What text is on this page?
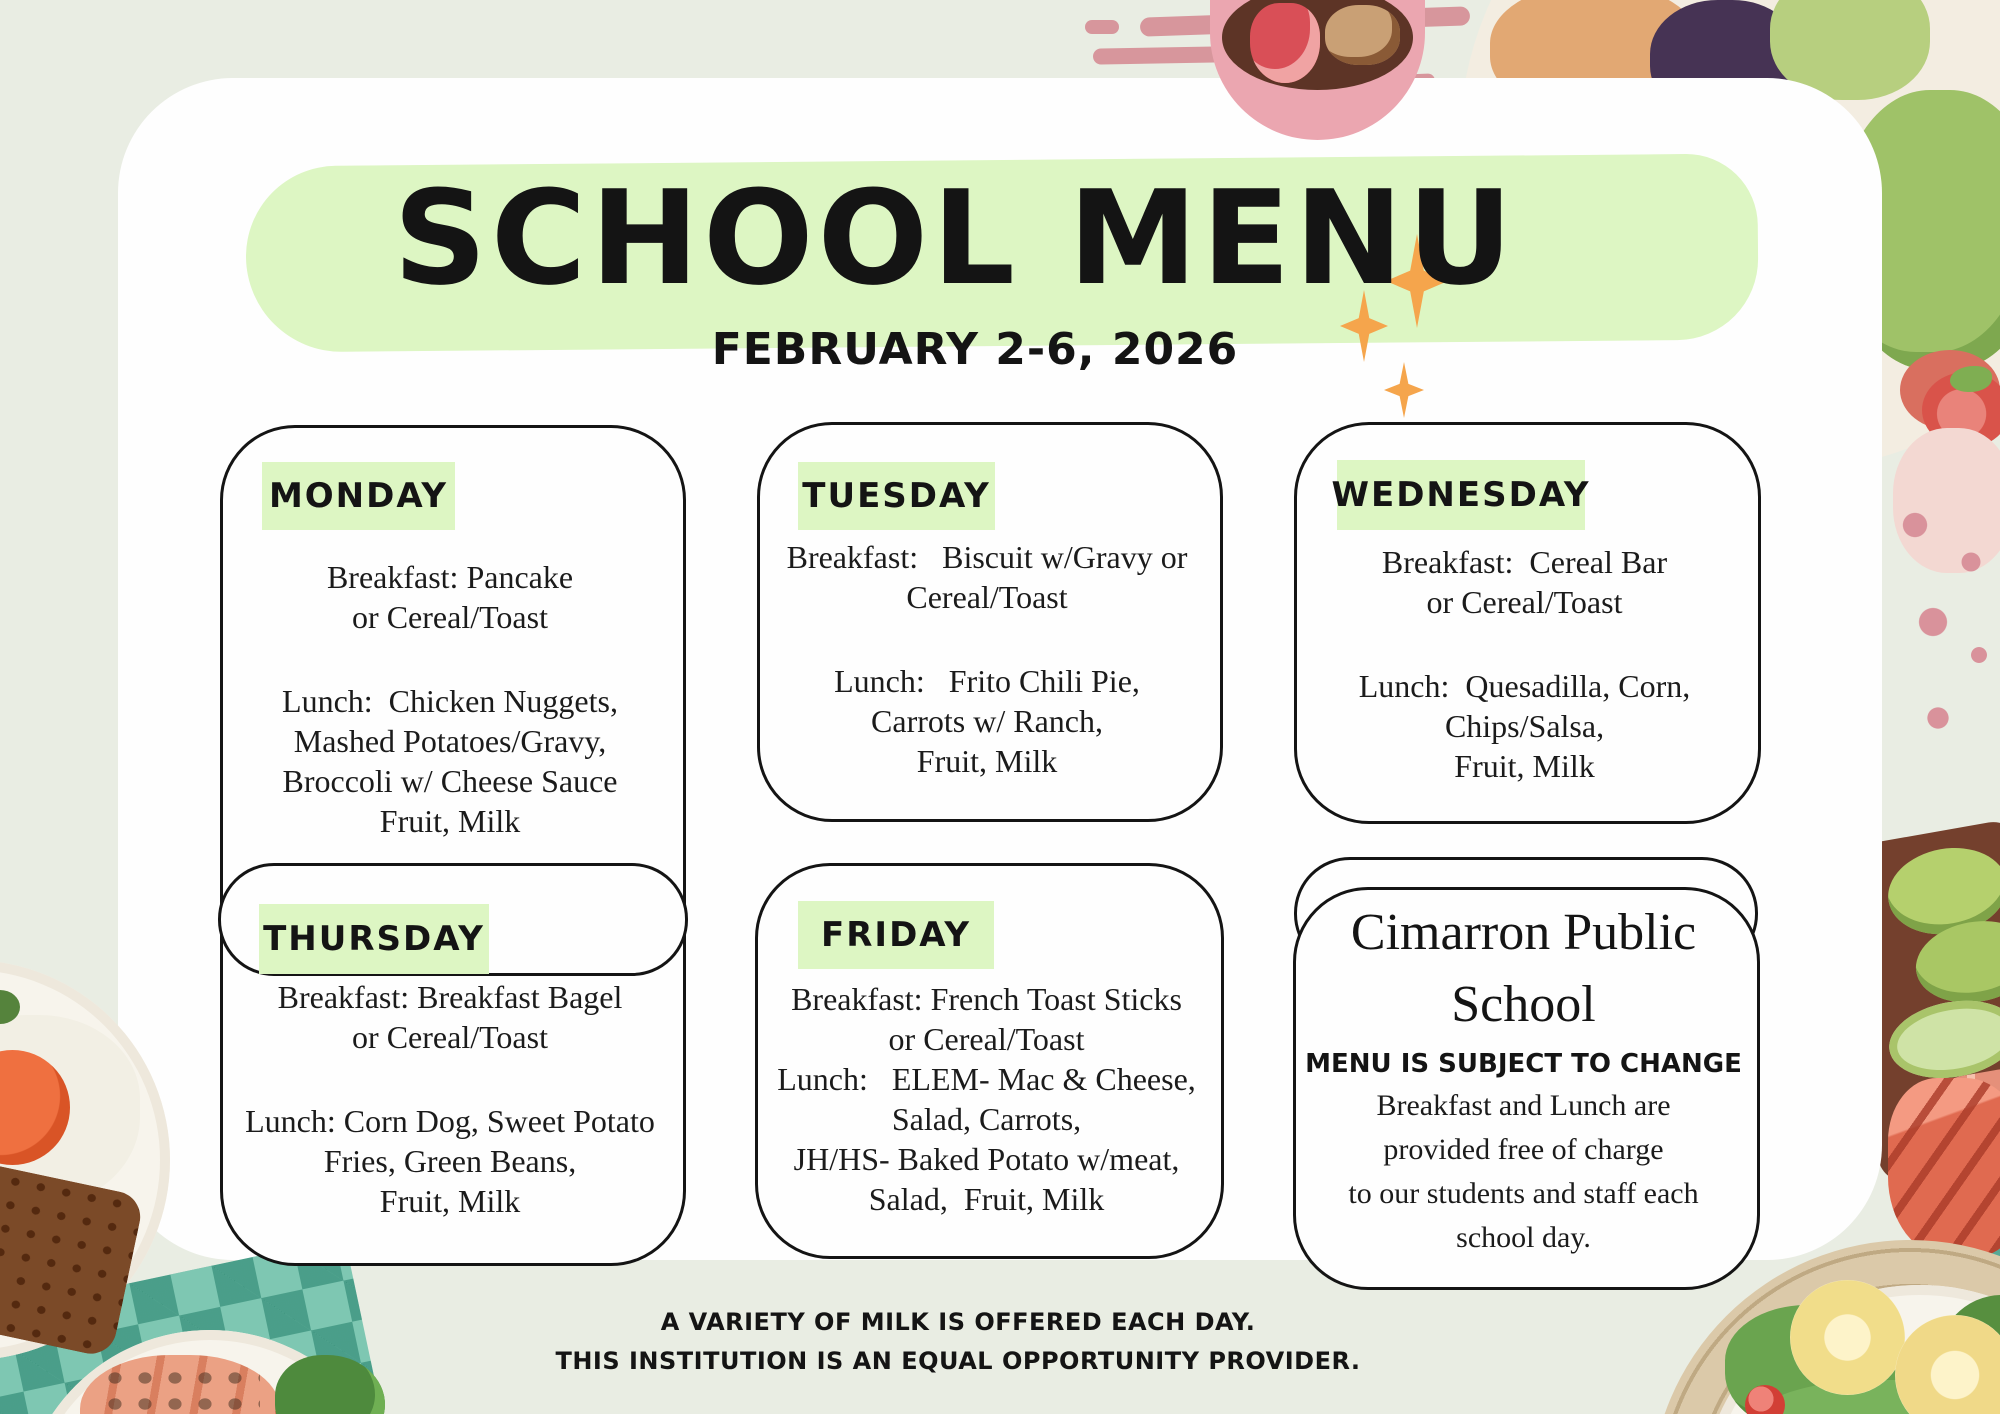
SCHOOL MENU
FEBRUARY 2-6, 2026
MONDAY
Breakfast: Pancake
or Cereal/Toast
Lunch:  Chicken Nuggets,
Mashed Potatoes/Gravy,
Broccoli w/ Cheese Sauce
Fruit, Milk
THURSDAY
Breakfast: Breakfast Bagel
or Cereal/Toast
Lunch: Corn Dog, Sweet Potato
Fries, Green Beans,
Fruit, Milk
TUESDAY
Breakfast:   Biscuit w/Gravy or
Cereal/Toast
Lunch:   Frito Chili Pie,
Carrots w/ Ranch,
Fruit, Milk
FRIDAY
Breakfast: French Toast Sticks
or Cereal/Toast
Lunch:   ELEM- Mac & Cheese,
Salad, Carrots,
JH/HS- Baked Potato w/meat,
Salad,  Fruit, Milk
WEDNESDAY
Breakfast:  Cereal Bar
or Cereal/Toast
Lunch:  Quesadilla, Corn,
Chips/Salsa,
Fruit, Milk
Cimarron Public
School
MENU IS SUBJECT TO CHANGE
Breakfast and Lunch are
provided free of charge
to our students and staff each
school day.
A VARIETY OF MILK IS OFFERED EACH DAY.
THIS INSTITUTION IS AN EQUAL OPPORTUNITY PROVIDER.
